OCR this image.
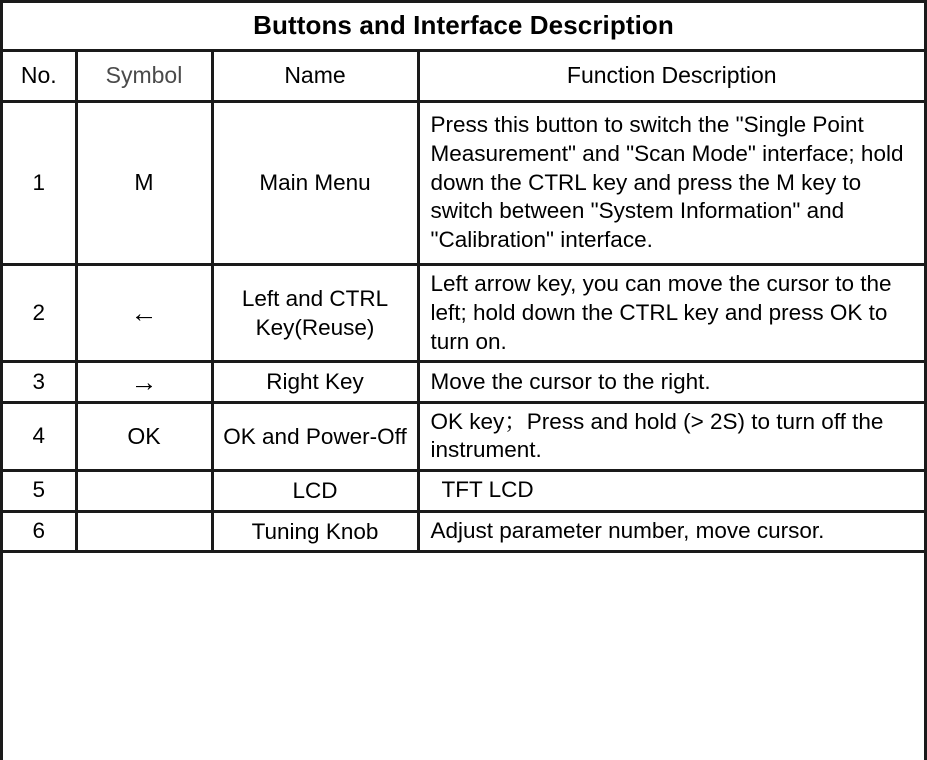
Buttons and Interface Description
No.	Symbol	Name	Function Description
1	M	Main Menu	Press this button to switch the "Single Point Measurement" and "Scan Mode" interface; hold down the CTRL key and press the M key to switch between "System Information" and "Calibration" interface.
2	←	Left and CTRL Key(Reuse)	Left arrow key, you can move the cursor to the left; hold down the CTRL key and press OK to turn on.
3	→	Right Key	Move the cursor to the right.
4	OK	OK and Power-Off	OK key；Press and hold (> 2S) to turn off the instrument.
5		LCD	TFT LCD
6		Tuning Knob	Adjust parameter number, move cursor.
